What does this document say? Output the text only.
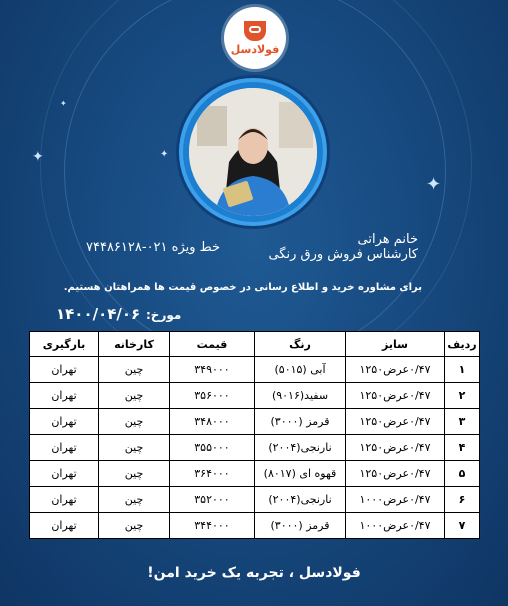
✦
✦
✦
✦
فولادسل
خط ویژه ۰۲۱-۷۴۴۸۶۱۲۸
خانم هراتی
کارشناس فروش ورق رنگی
برای مشاوره خرید و اطلاع رسانی در خصوص قیمت ها همراهتان هستیم.
مورخ:
۱۴۰۰/۰۴/۰۶
ردیف	سایز	رنگ	قیمت	کارخانه	بارگیری
۱	۰/۴۷عرض۱۲۵۰	آبی (۵۰۱۵)	۳۴۹۰۰۰	چین	تهران
۲	۰/۴۷عرض۱۲۵۰	سفید(۹۰۱۶)	۳۵۶۰۰۰	چین	تهران
۳	۰/۴۷عرض۱۲۵۰	قرمز (۳۰۰۰)	۳۴۸۰۰۰	چین	تهران
۴	۰/۴۷عرض۱۲۵۰	نارنجی(۲۰۰۴)	۳۵۵۰۰۰	چین	تهران
۵	۰/۴۷عرض۱۲۵۰	قهوه ای (۸۰۱۷)	۳۶۴۰۰۰	چین	تهران
۶	۰/۴۷عرض۱۰۰۰	نارنجی(۲۰۰۴)	۳۵۲۰۰۰	چین	تهران
۷	۰/۴۷عرض۱۰۰۰	قرمز (۳۰۰۰)	۳۴۴۰۰۰	چین	تهران
فولادسل ، تجربه یک خرید امن!
